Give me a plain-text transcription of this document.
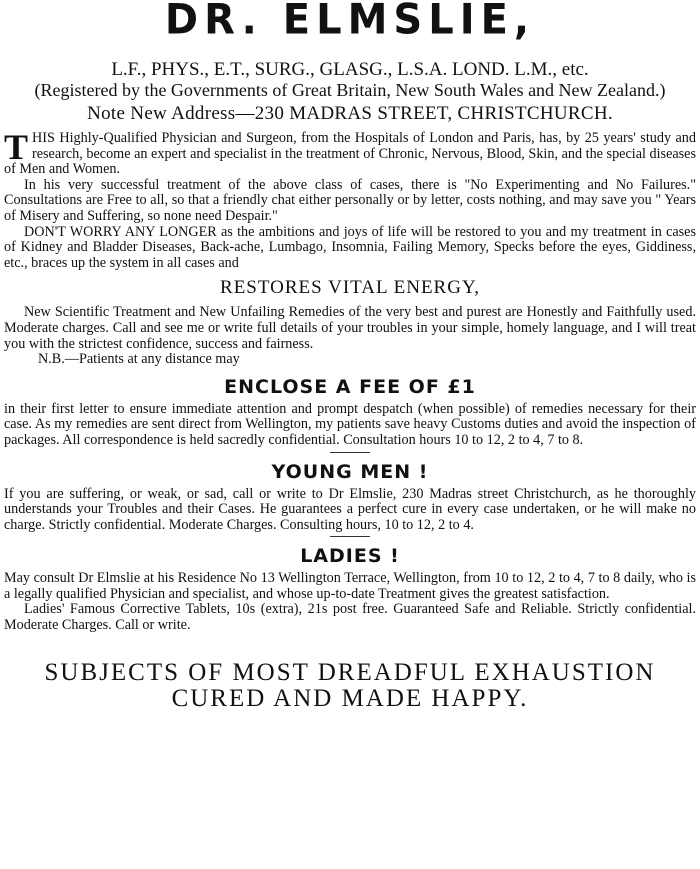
DR. ELMSLIE,
L.F., PHYS., E.T., SURG., GLASG., L.S.A. LOND. L.M., etc.
(Registered by the Governments of Great Britain, New South Wales and New Zealand.)
Note New Address—230 MADRAS STREET, CHRISTCHURCH.

THIS Highly-Qualified Physician and Surgeon, from the Hospitals of London and Paris, has, by 25 years' study and research, become an expert and specialist in the treatment of Chronic, Nervous, Blood, Skin, and the special diseases of Men and Women.

In his very successful treatment of the above class of cases, there is "No Experimenting and No Failures." Consultations are Free to all, so that a friendly chat either personally or by letter, costs nothing, and may save you " Years of Misery and Suffering, so none need Despair."

DON'T WORRY ANY LONGER as the ambitions and joys of life will be restored to you and my treatment in cases of Kidney and Bladder Diseases, Back-ache, Lumbago, Insomnia, Failing Memory, Specks before the eyes, Giddiness, etc., braces up the system in all cases and

RESTORES VITAL ENERGY,

New Scientific Treatment and New Unfailing Remedies of the very best and purest are Honestly and Faithfully used. Moderate charges. Call and see me or write full details of your troubles in your simple, homely language, and I will treat you with the strictest confidence, success and fairness.

N.B.—Patients at any distance may

ENCLOSE A FEE OF £1

in their first letter to ensure immediate attention and prompt despatch (when possible) of remedies necessary for their case. As my remedies are sent direct from Wellington, my patients save heavy Customs duties and avoid the inspection of packages. All correspondence is held sacredly confidential. Consultation hours 10 to 12, 2 to 4, 7 to 8.

YOUNG MEN !

If you are suffering, or weak, or sad, call or write to Dr Elmslie, 230 Madras street Christchurch, as he thoroughly understands your Troubles and their Cases. He guarantees a perfect cure in every case undertaken, or he will make no charge. Strictly confidential. Moderate Charges. Consulting hours, 10 to 12, 2 to 4.

LADIES !

May consult Dr Elmslie at his Residence No 13 Wellington Terrace, Wellington, from 10 to 12, 2 to 4, 7 to 8 daily, who is a legally qualified Physician and specialist, and whose up-to-date Treatment gives the greatest satisfaction.

Ladies' Famous Corrective Tablets, 10s (extra), 21s post free. Guaranteed Safe and Reliable. Strictly confidential. Moderate Charges. Call or write.

SUBJECTS OF MOST DREADFUL EXHAUSTION
CURED AND MADE HAPPY.
